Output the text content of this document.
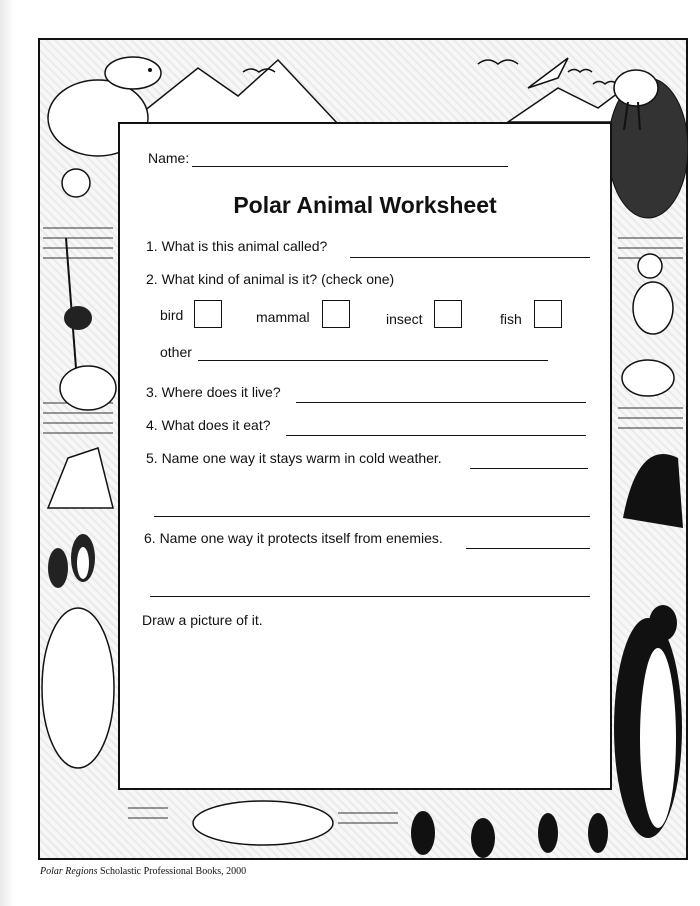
Name:
Polar Animal Worksheet
1. What is this animal called?
2. What kind of animal is it? (check one)
bird	mammal	insect	fish
other
3. Where does it live?
4. What does it eat?
5. Name one way it stays warm in cold weather.
6. Name one way it protects itself from enemies.
Draw a picture of it.
Polar Regions Scholastic Professional Books, 2000
